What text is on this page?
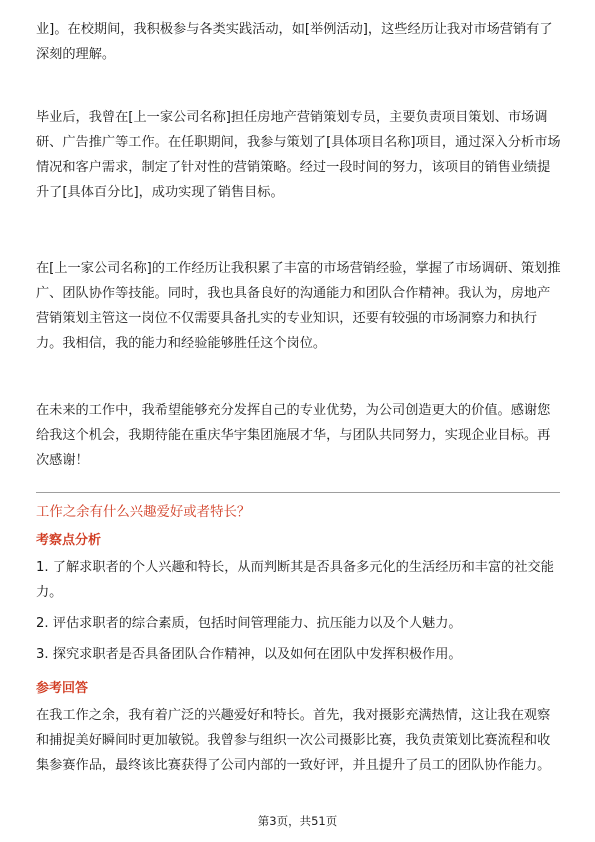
业]。在校期间，我积极参与各类实践活动，如[举例活动]，这些经历让我对市场营销有了深刻的理解。

毕业后，我曾在[上一家公司名称]担任房地产营销策划专员，主要负责项目策划、市场调研、广告推广等工作。在任职期间，我参与策划了[具体项目名称]项目，通过深入分析市场情况和客户需求，制定了针对性的营销策略。经过一段时间的努力，该项目的销售业绩提升了[具体百分比]，成功实现了销售目标。

在[上一家公司名称]的工作经历让我积累了丰富的市场营销经验，掌握了市场调研、策划推广、团队协作等技能。同时，我也具备良好的沟通能力和团队合作精神。我认为，房地产营销策划主管这一岗位不仅需要具备扎实的专业知识，还要有较强的市场洞察力和执行力。我相信，我的能力和经验能够胜任这个岗位。

在未来的工作中，我希望能够充分发挥自己的专业优势，为公司创造更大的价值。感谢您给我这个机会，我期待能在重庆华宇集团施展才华，与团队共同努力，实现企业目标。再次感谢！

工作之余有什么兴趣爱好或者特长？
考察点分析
1. 了解求职者的个人兴趣和特长，从而判断其是否具备多元化的生活经历和丰富的社交能力。
2. 评估求职者的综合素质，包括时间管理能力、抗压能力以及个人魅力。
3. 探究求职者是否具备团队合作精神，以及如何在团队中发挥积极作用。
参考回答

在我工作之余，我有着广泛的兴趣爱好和特长。首先，我对摄影充满热情，这让我在观察和捕捉美好瞬间时更加敏锐。我曾参与组织一次公司摄影比赛，我负责策划比赛流程和收集参赛作品，最终该比赛获得了公司内部的一致好评，并且提升了员工的团队协作能力。

第3页，共51页
